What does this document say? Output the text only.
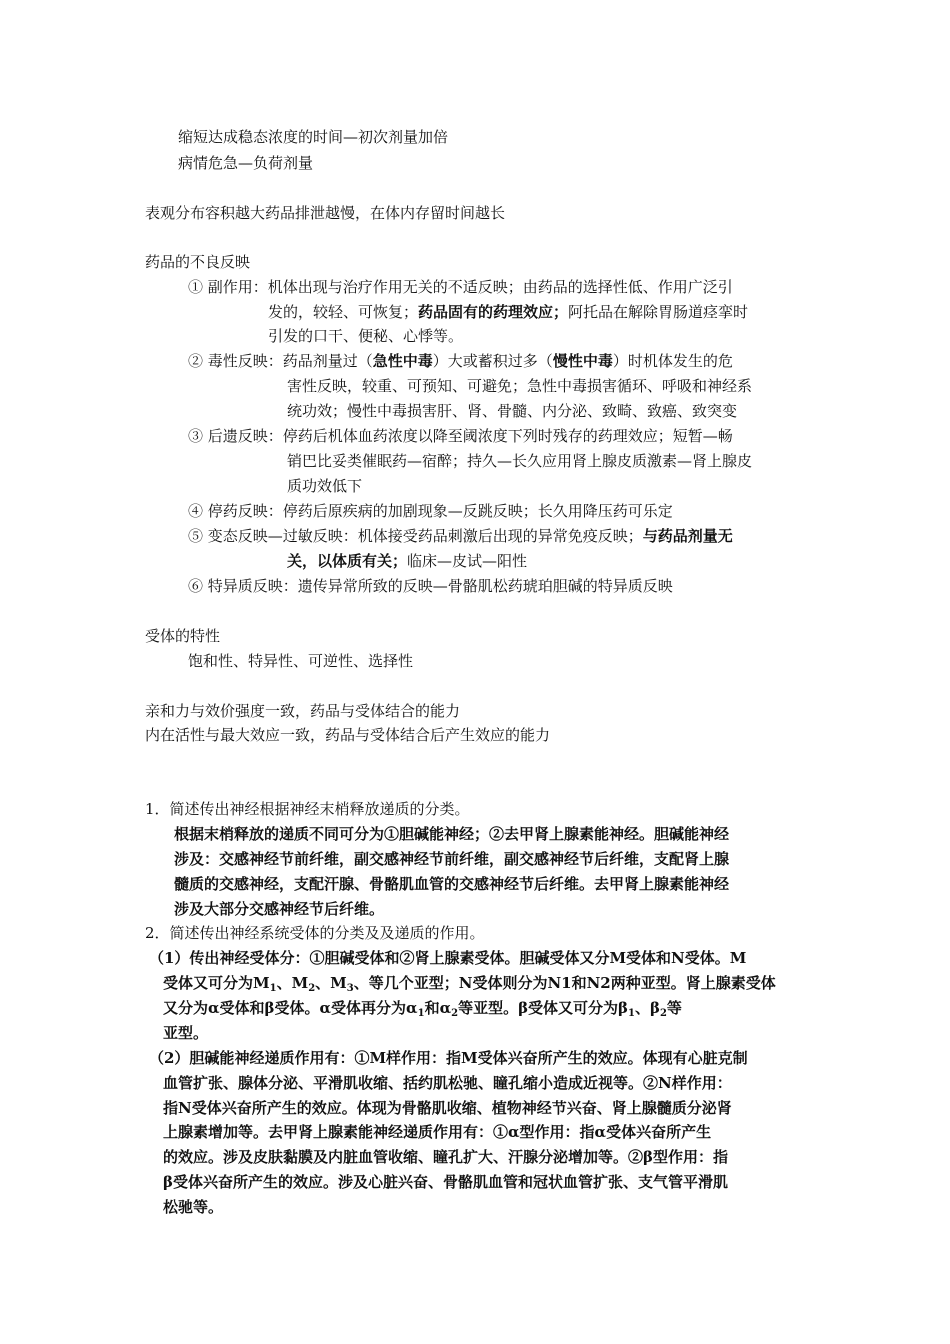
缩短达成稳态浓度的时间—初次剂量加倍
病情危急—负荷剂量
表观分布容积越大药品排泄越慢，在体内存留时间越长
药品的不良反映
① 副作用：机体出现与治疗作用无关的不适反映；由药品的选择性低、作用广泛引
发的，较轻、可恢复；药品固有的药理效应；阿托品在解除胃肠道痉挛时
引发的口干、便秘、心悸等。
② 毒性反映：药品剂量过（急性中毒）大或蓄积过多（慢性中毒）时机体发生的危
害性反映，较重、可预知、可避免；急性中毒损害循环、呼吸和神经系
统功效；慢性中毒损害肝、肾、骨髓、内分泌、致畸、致癌、致突变
③ 后遗反映：停药后机体血药浓度以降至阈浓度下列时残存的药理效应；短暂—畅
销巴比妥类催眠药—宿醉；持久—长久应用肾上腺皮质激素—肾上腺皮
质功效低下
④ 停药反映：停药后原疾病的加剧现象—反跳反映；长久用降压药可乐定
⑤ 变态反映—过敏反映：机体接受药品刺激后出现的异常免疫反映；与药品剂量无
关，以体质有关；临床—皮试—阳性
⑥ 特异质反映：遗传异常所致的反映—骨骼肌松药琥珀胆碱的特异质反映
受体的特性
饱和性、特异性、可逆性、选择性
亲和力与效价强度一致，药品与受体结合的能力
内在活性与最大效应一致，药品与受体结合后产生效应的能力
1．简述传出神经根据神经末梢释放递质的分类。
根据末梢释放的递质不同可分为①胆碱能神经；②去甲肾上腺素能神经。胆碱能神经
涉及：交感神经节前纤维，副交感神经节前纤维，副交感神经节后纤维，支配肾上腺
髓质的交感神经，支配汗腺、骨骼肌血管的交感神经节后纤维。去甲肾上腺素能神经
涉及大部分交感神经节后纤维。
2．简述传出神经系统受体的分类及及递质的作用。
（1）传出神经受体分：①胆碱受体和②肾上腺素受体。胆碱受体又分M受体和N受体。M
受体又可分为$M_1$、$M_2$、$M_3$、等几个亚型；N受体则分为N1和N2两种亚型。肾上腺素受体
又分为α受体和β受体。α受体再分为$\alpha_1$和$\alpha_2$等亚型。β受体又可分为$\beta_1$、$\beta_2$等
亚型。
（2）胆碱能神经递质作用有：①M样作用：指M受体兴奋所产生的效应。体现有心脏克制
血管扩张、腺体分泌、平滑肌收缩、括约肌松驰、瞳孔缩小造成近视等。②N样作用：
指N受体兴奋所产生的效应。体现为骨骼肌收缩、植物神经节兴奋、肾上腺髓质分泌肾
上腺素增加等。去甲肾上腺素能神经递质作用有：①α型作用：指α受体兴奋所产生
的效应。涉及皮肤黏膜及内脏血管收缩、瞳孔扩大、汗腺分泌增加等。②β型作用：指
β受体兴奋所产生的效应。涉及心脏兴奋、骨骼肌血管和冠状血管扩张、支气管平滑肌
松驰等。
